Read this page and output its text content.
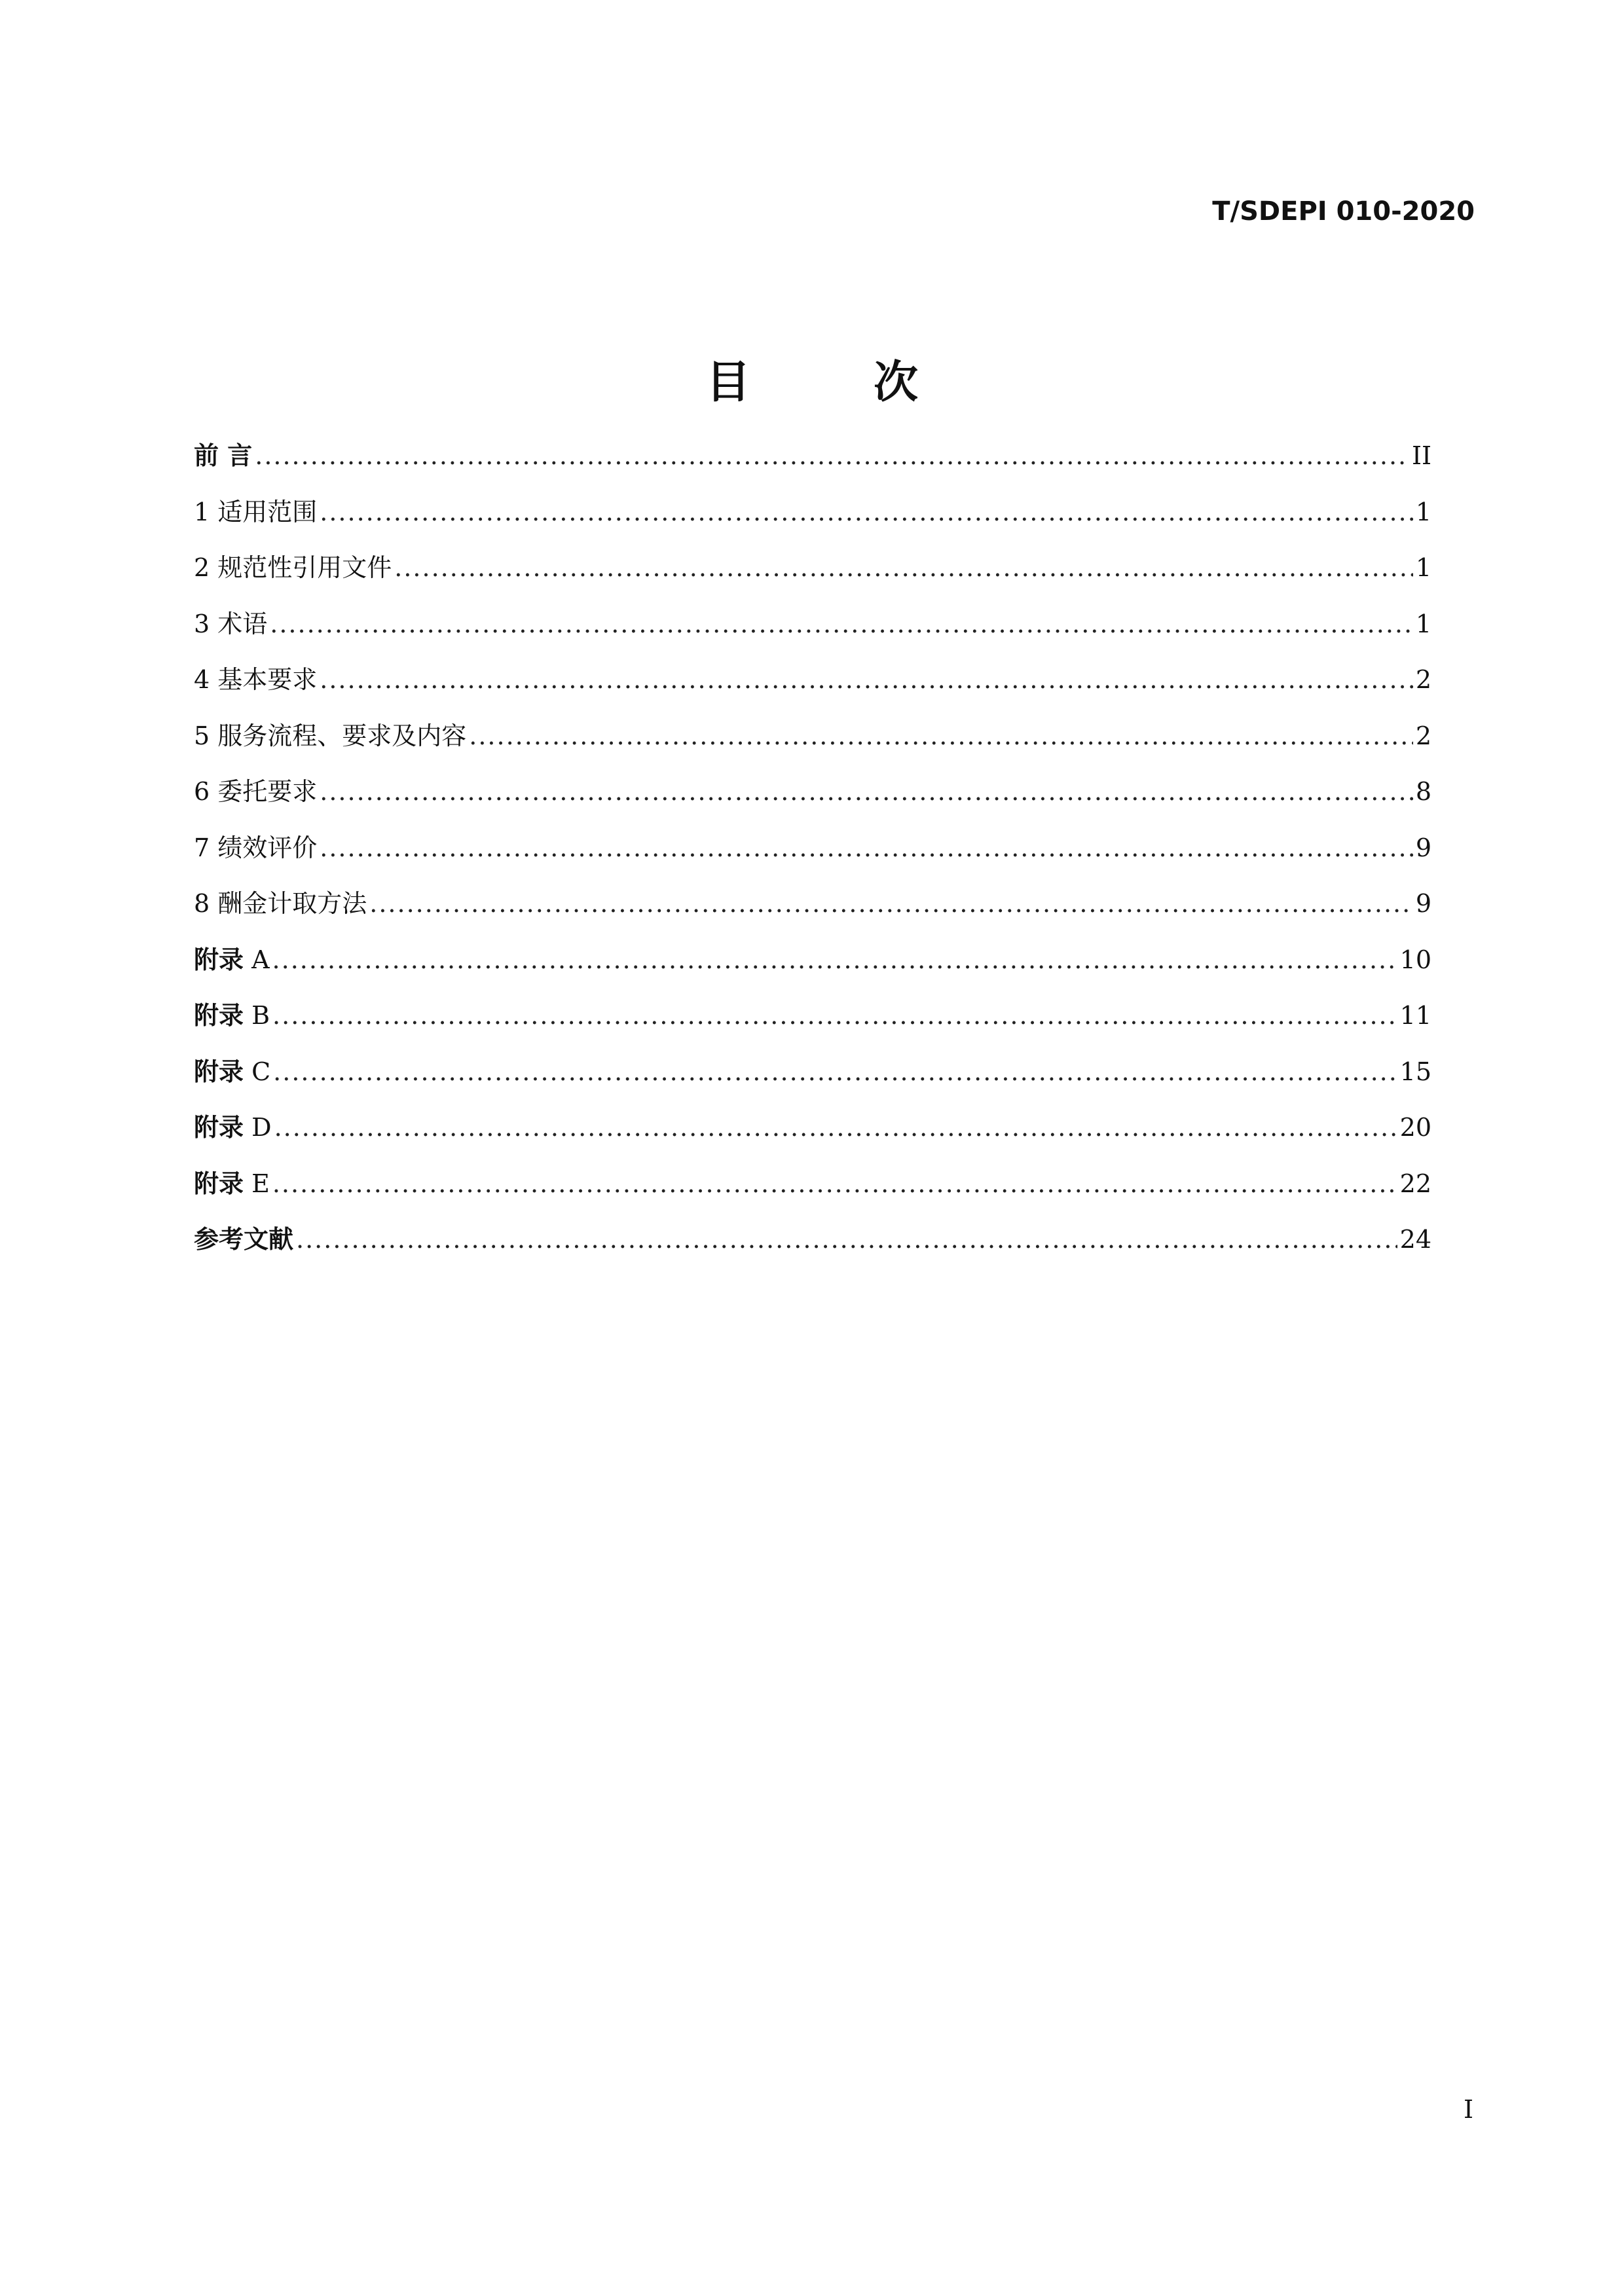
T/SDEPI 010-2020
目　次
前 言 .....	II
1 适用范围 .....	1
2 规范性引用文件 .....	1
3 术语 .....	1
4 基本要求 .....	2
5 服务流程、要求及内容 .....	2
6 委托要求 .....	8
7 绩效评价 .....	9
8 酬金计取方法 .....	9
附录 A .....	10
附录 B .....	11
附录 C .....	15
附录 D .....	20
附录 E .....	22
参考文献 .....	24
I
